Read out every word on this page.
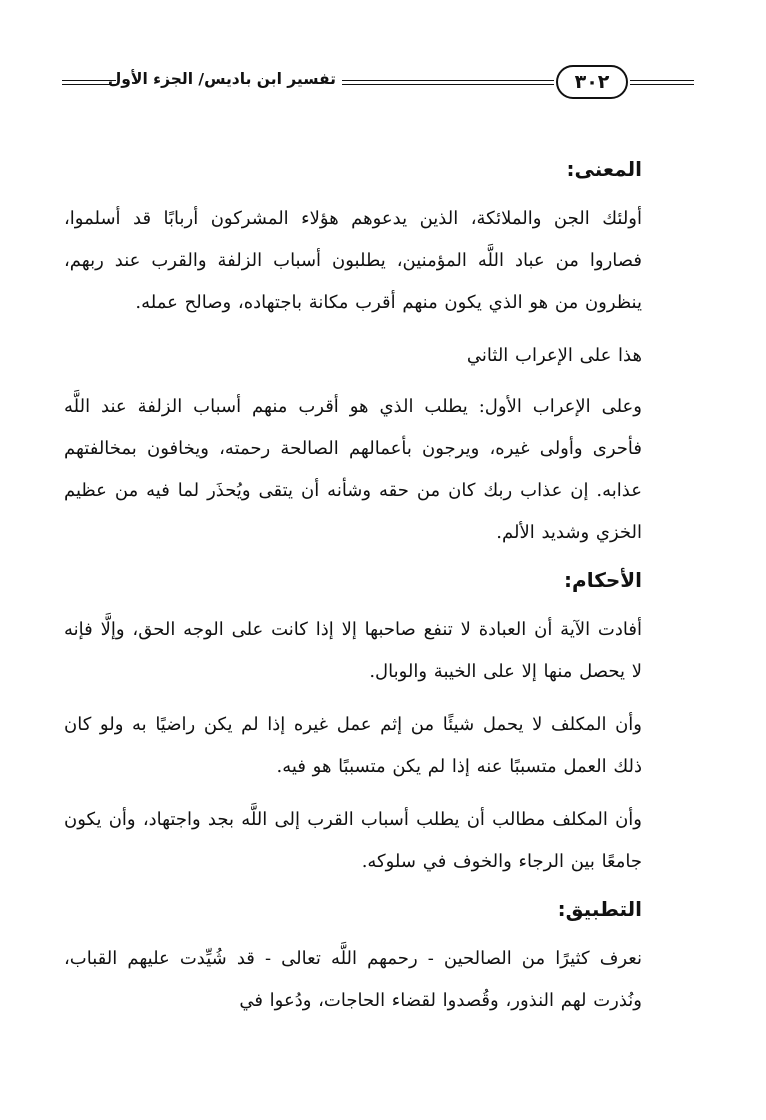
تفسير ابن باديس/ الجزء الأول	٣٠٢
المعنى:

أولئك الجن والملائكة، الذين يدعوهم هؤلاء المشركون أربابًا قد أسلموا، فصاروا من عباد اللَّه المؤمنين، يطلبون أسباب الزلفة والقرب عند ربهم، ينظرون من هو الذي يكون منهم أقرب مكانة باجتهاده، وصالح عمله.

هذا على الإعراب الثاني

وعلى الإعراب الأول: يطلب الذي هو أقرب منهم أسباب الزلفة عند اللَّه فأحرى وأولى غيره، ويرجون بأعمالهم الصالحة رحمته، ويخافون بمخالفتهم عذابه. إن عذاب ربك كان من حقه وشأنه أن يتقى ويُحذَر لما فيه من عظيم الخزي وشديد الألم.

الأحكام:

أفادت الآية أن العبادة لا تنفع صاحبها إلا إذا كانت على الوجه الحق، وإلَّا فإنه لا يحصل منها إلا على الخيبة والوبال.

وأن المكلف لا يحمل شيئًا من إثم عمل غيره إذا لم يكن راضيًا به ولو كان ذلك العمل متسببًا عنه إذا لم يكن متسببًا هو فيه.

وأن المكلف مطالب أن يطلب أسباب القرب إلى اللَّه بجد واجتهاد، وأن يكون جامعًا بين الرجاء والخوف في سلوكه.

التطبيق:

نعرف كثيرًا من الصالحين - رحمهم اللَّه تعالى - قد شُيِّدت عليهم القباب، ونُذرت لهم النذور، وقُصدوا لقضاء الحاجات، ودُعوا في
